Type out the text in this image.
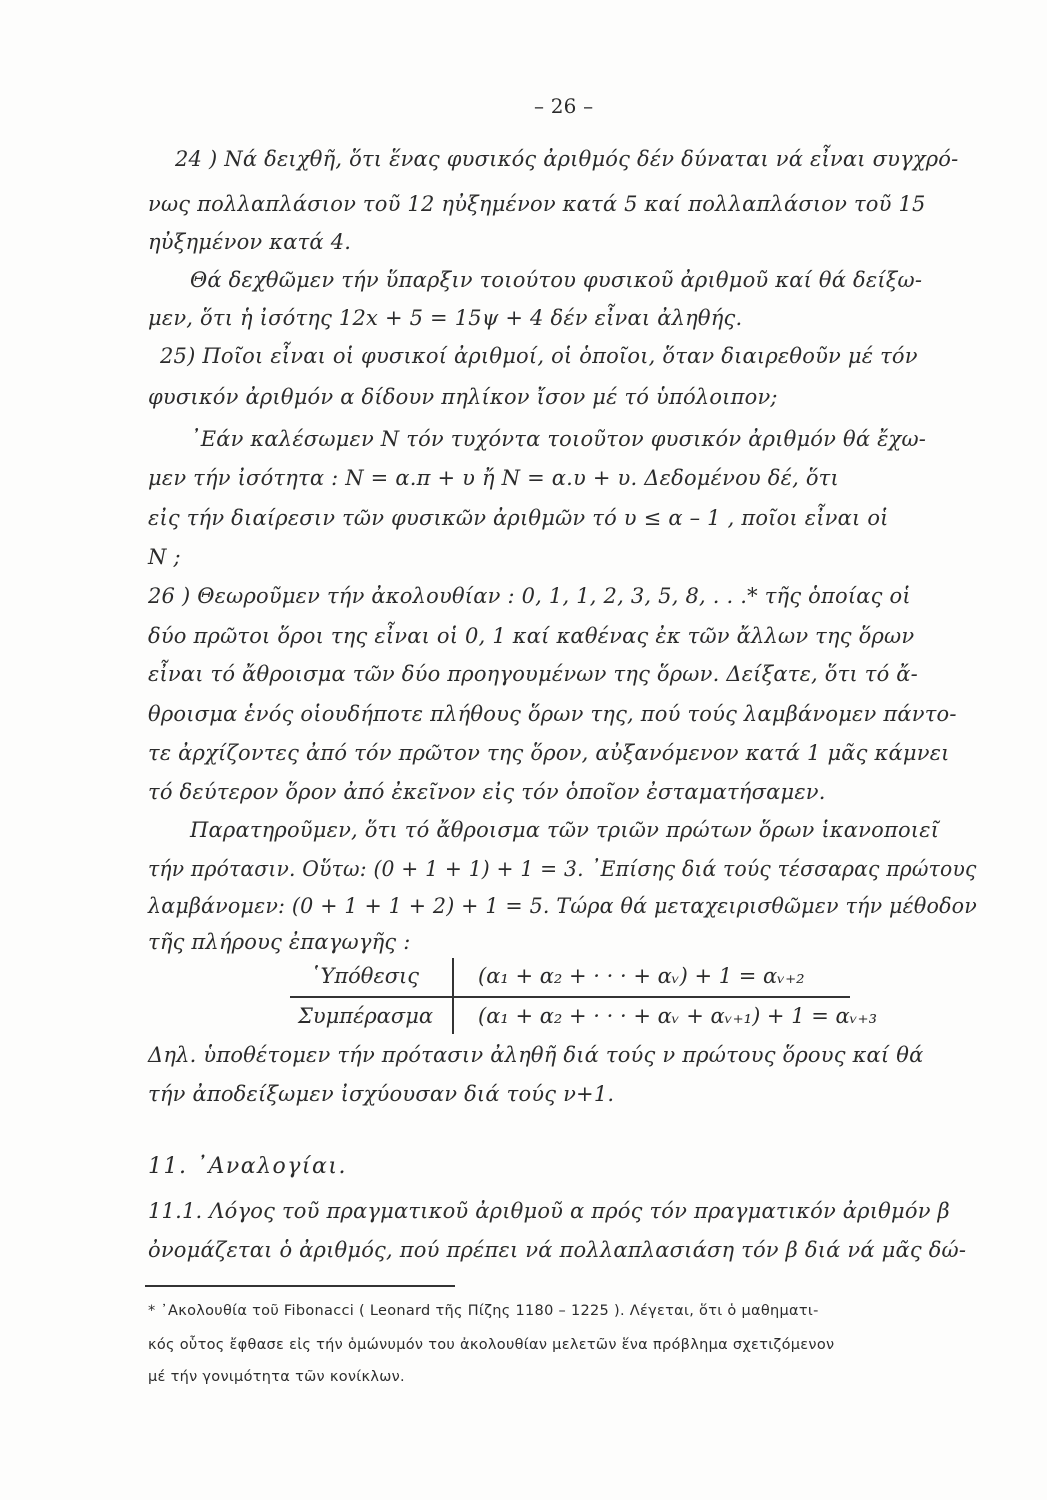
– 26 –
24 ) Νά δειχθῆ, ὅτι ἕνας φυσικός ἀριθμός δέν δύναται νά εἶναι συγχρό-
νως πολλαπλάσιον τοῦ 12 ηὐξημένον κατά 5 καί πολλαπλάσιον τοῦ 15
ηὐξημένον κατά 4.
Θά δεχθῶμεν τήν ὕπαρξιν τοιούτου φυσικοῦ ἀριθμοῦ καί θά δείξω-
μεν, ὅτι ἡ ἰσότης 12x + 5 = 15ψ + 4 δέν εἶναι ἀληθής.
25) Ποῖοι εἶναι οἱ φυσικοί ἀριθμοί, οἱ ὁποῖοι, ὅταν διαιρεθοῦν μέ τόν
φυσικόν ἀριθμόν α δίδουν πηλίκον ἴσον μέ τό ὑπόλοιπον;
᾿Εάν καλέσωμεν Ν τόν τυχόντα τοιοῦτον φυσικόν ἀριθμόν θά ἔχω-
μεν τήν ἰσότητα : Ν = α.π + υ ἤ Ν = α.υ + υ. Δεδομένου δέ, ὅτι
εἰς τήν διαίρεσιν τῶν φυσικῶν ἀριθμῶν τό υ ≤ α – 1 , ποῖοι εἶναι οἱ
Ν ;
26 ) Θεωροῦμεν τήν ἀκολουθίαν : 0, 1, 1, 2, 3, 5, 8, . . .* τῆς ὁποίας οἱ
δύο πρῶτοι ὅροι της εἶναι οἱ 0, 1 καί καθένας ἐκ τῶν ἄλλων της ὅρων
εἶναι τό ἄθροισμα τῶν δύο προηγουμένων της ὅρων. Δείξατε, ὅτι τό ἄ-
θροισμα ἑνός οἱουδήποτε πλήθους ὅρων της, πού τούς λαμβάνομεν πάντο-
τε ἀρχίζοντες ἀπό τόν πρῶτον της ὅρον, αὐξανόμενον κατά 1 μᾶς κάμνει
τό δεύτερον ὅρον ἀπό ἐκεῖνον εἰς τόν ὁποῖον ἐσταματήσαμεν.
Παρατηροῦμεν, ὅτι τό ἄθροισμα τῶν τριῶν πρώτων ὅρων ἱκανοποιεῖ
τήν πρότασιν. Οὕτω: (0 + 1 + 1) + 1 = 3. ᾿Επίσης διά τούς τέσσαρας πρώτους
λαμβάνομεν: (0 + 1 + 1 + 2) + 1 = 5. Τώρα θά μεταχειρισθῶμεν τήν μέθοδον
τῆς πλήρους ἐπαγωγῆς :
῾Υπόθεσις	(α₁ + α₂ + · · · + αᵥ) + 1 = αᵥ₊₂
Συμπέρασμα (α₁ + α₂ + · · · + αᵥ + αᵥ₊₁) + 1 = αᵥ₊₃
Δηλ. ὑποθέτομεν τήν πρότασιν ἀληθῆ διά τούς ν πρώτους ὅρους καί θά
τήν ἀποδείξωμεν ἰσχύουσαν διά τούς ν+1.
11. ᾿Αναλογίαι.
11.1. Λόγος τοῦ πραγματικοῦ ἀριθμοῦ α πρός τόν πραγματικόν ἀριθμόν β
ὀνομάζεται ὁ ἀριθμός, πού πρέπει νά πολλαπλασιάση τόν β διά νά μᾶς δώ-
* ᾿Ακολουθία τοῦ Fibonacci ( Leonard τῆς Πίζης 1180 – 1225 ). Λέγεται, ὅτι ὁ μαθηματι-
κός οὗτος ἔφθασε εἰς τήν ὁμώνυμόν του ἀκολουθίαν μελετῶν ἕνα πρόβλημα σχετιζόμενον
μέ τήν γονιμότητα τῶν κονίκλων.
